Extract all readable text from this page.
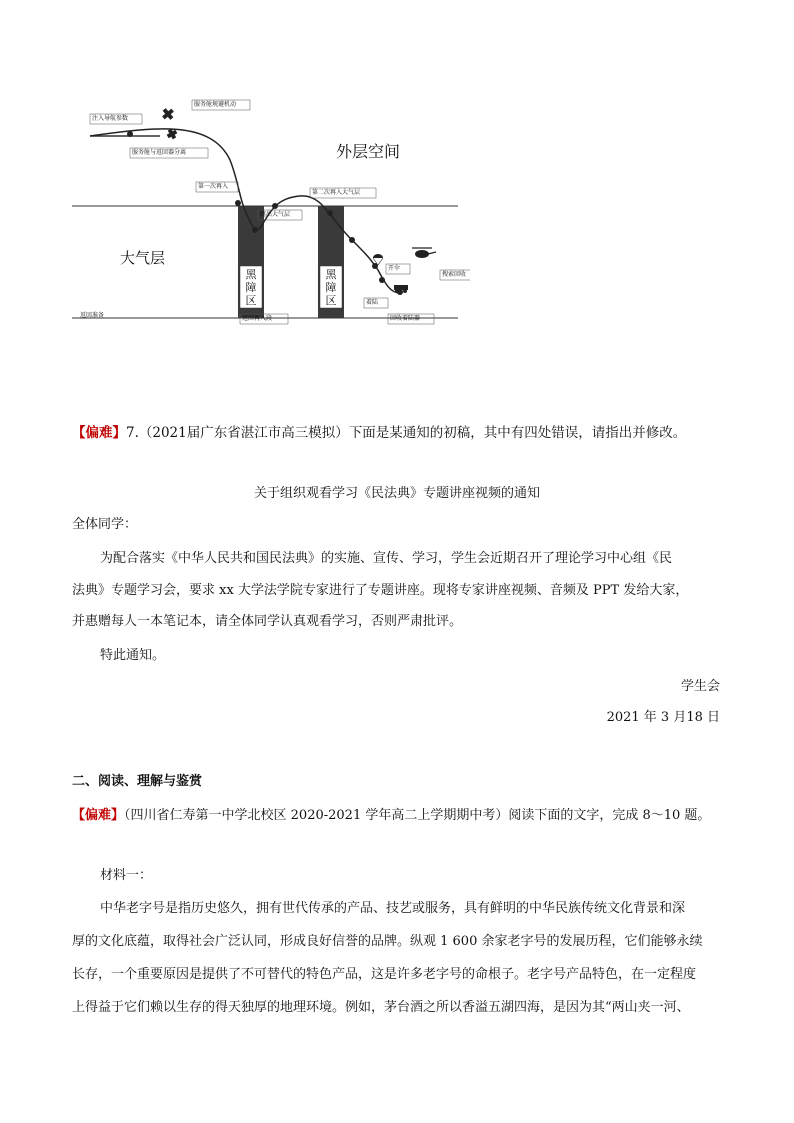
外层空间
大气层
黑障区
黑障区
注入导航参数
服务舱规避机动
服务舱与返回器分离
第一次再入
跳出大气层
第二次再入大气层
开伞
搜索回收
着陆
回收着陆器
返回准备	返回再入段
【偏难】7.（2021届广东省湛江市高三模拟）下面是某通知的初稿，其中有四处错误，请指出并修改。
关于组织观看学习《民法典》专题讲座视频的通知
全体同学：
为配合落实《中华人民共和国民法典》的实施、宣传、学习，学生会近期召开了理论学习中心组《民
法典》专题学习会，要求 xx 大学法学院专家进行了专题讲座。现将专家讲座视频、音频及 PPT 发给大家，
并惠赠每人一本笔记本，请全体同学认真观看学习，否则严肃批评。
特此通知。
学生会
2021 年 3 月18 日
二、阅读、理解与鉴赏
【偏难】（四川省仁寿第一中学北校区 2020-2021 学年高二上学期期中考）阅读下面的文字，完成 8～10 题。
材料一：
中华老字号是指历史悠久，拥有世代传承的产品、技艺或服务，具有鲜明的中华民族传统文化背景和深
厚的文化底蕴，取得社会广泛认同，形成良好信誉的品牌。纵观 1 600 余家老字号的发展历程，它们能够永续
长存，一个重要原因是提供了不可替代的特色产品，这是许多老字号的命根子。老字号产品特色，在一定程度
上得益于它们赖以生存的得天独厚的地理环境。例如，茅台酒之所以香溢五湖四海，是因为其“两山夹一河、
